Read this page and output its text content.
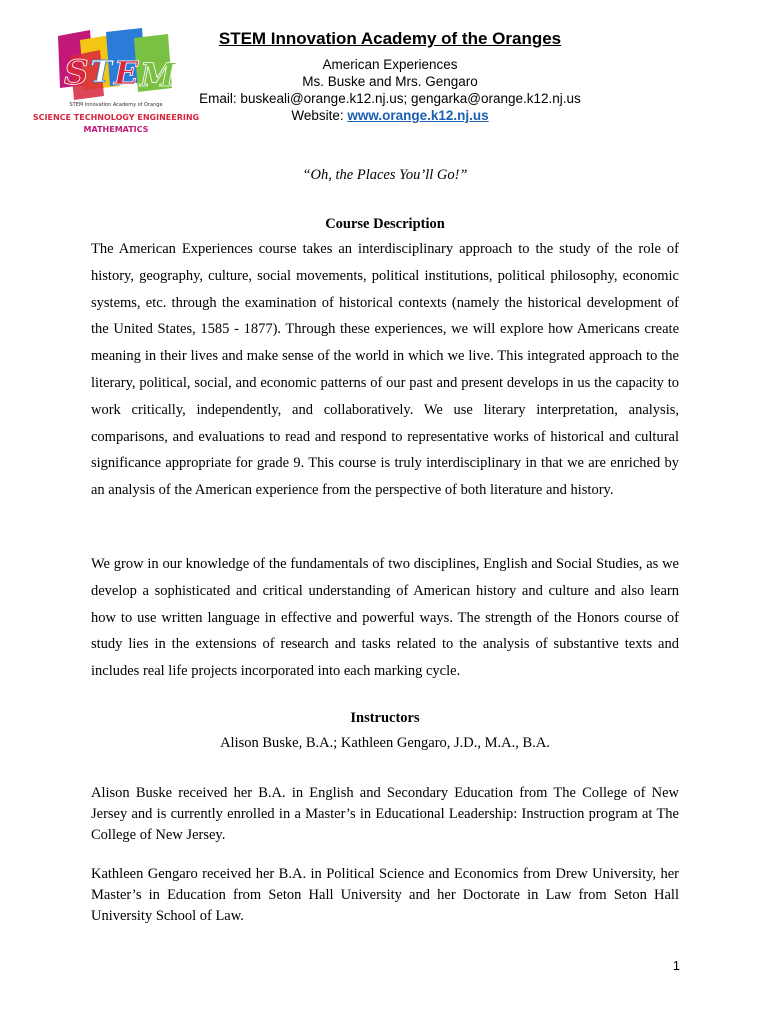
S T E M
STEM Innovation Academy of Orange
SCIENCE TECHNOLOGY ENGINEERING
MATHEMATICS

STEM Innovation Academy of the Oranges

American Experiences

Ms. Buske and Mrs. Gengaro

Email: buskeali@orange.k12.nj.us; gengarka@orange.k12.nj.us

Website: www.orange.k12.nj.us

“Oh, the Places You’ll Go!”
Course Description

The American Experiences course takes an interdisciplinary approach to the study of the role of history, geography, culture, social movements, political institutions, political philosophy, economic systems, etc. through the examination of historical contexts (namely the historical development of the United States, 1585 - 1877). Through these experiences, we will explore how Americans create meaning in their lives and make sense of the world in which we live. This integrated approach to the literary, political, social, and economic patterns of our past and present develops in us the capacity to work critically, independently, and collaboratively. We use literary interpretation, analysis, comparisons, and evaluations to read and respond to representative works of historical and cultural significance appropriate for grade 9. This course is truly interdisciplinary in that we are enriched by an analysis of the American experience from the perspective of both literature and history.

We grow in our knowledge of the fundamentals of two disciplines, English and Social Studies, as we develop a sophisticated and critical understanding of American history and culture and also learn how to use written language in effective and powerful ways. The strength of the Honors course of study lies in the extensions of research and tasks related to the analysis of substantive texts and includes real life projects incorporated into each marking cycle.

Instructors
Alison Buske, B.A.; Kathleen Gengaro, J.D., M.A., B.A.

Alison Buske received her B.A. in English and Secondary Education from The College of New Jersey and is currently enrolled in a Master’s in Educational Leadership: Instruction program at The College of New Jersey.

Kathleen Gengaro received her B.A. in Political Science and Economics from Drew University, her Master’s in Education from Seton Hall University and her Doctorate in Law from Seton Hall University School of Law.

1
